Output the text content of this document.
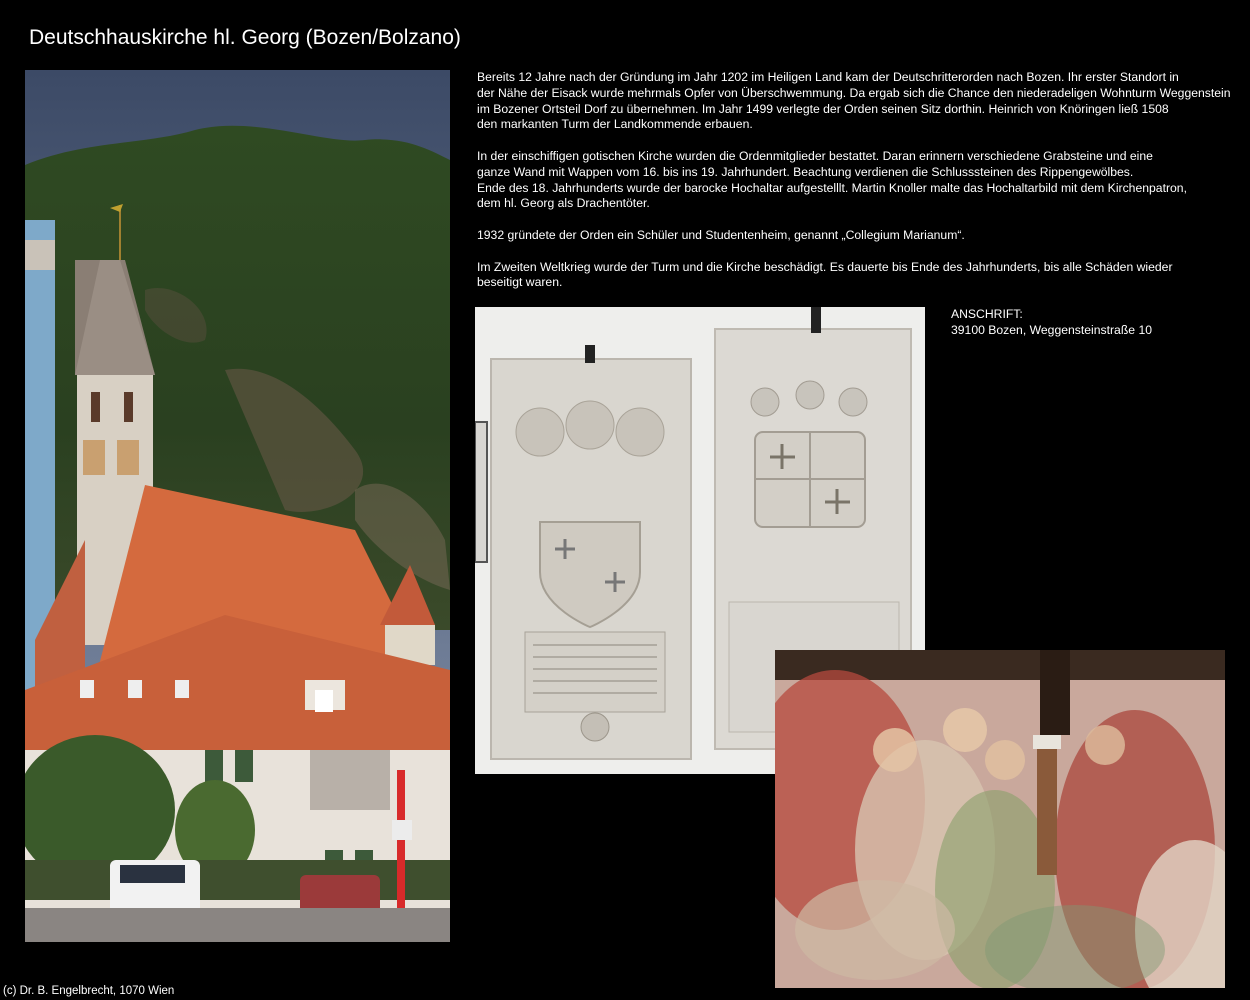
Deutschhauskirche hl. Georg (Bozen/Bolzano)

Bereits 12 Jahre nach der Gründung im Jahr 1202 im Heiligen Land kam der Deutschritterorden nach Bozen. Ihr erster Standort in
der Nähe der Eisack wurde mehrmals Opfer von Überschwemmung. Da ergab sich die Chance den niederadeligen Wohnturm Weggenstein
im Bozener Ortsteil Dorf zu übernehmen. Im Jahr 1499 verlegte der Orden seinen Sitz dorthin. Heinrich von Knöringen ließ 1508
den markanten Turm der Landkommende erbauen.

In der einschiffigen gotischen Kirche wurden die Ordenmitglieder bestattet. Daran erinnern verschiedene Grabsteine und eine
ganze Wand mit Wappen vom 16. bis ins 19. Jahrhundert. Beachtung verdienen die Schlusssteinen des Rippengewölbes.
Ende des 18. Jahrhunderts wurde der barocke Hochaltar aufgestelllt. Martin Knoller malte das Hochaltarbild mit dem Kirchenpatron,
dem hl. Georg als Drachentöter.

1932 gründete der Orden ein Schüler und Studentenheim, genannt „Collegium Marianum“.

Im Zweiten Weltkrieg wurde der Turm und die Kirche beschädigt. Es dauerte bis Ende des Jahrhunderts, bis alle Schäden wieder
beseitigt waren.

ANSCHRIFT:
39100 Bozen, Weggensteinstraße 10
(c) Dr. B. Engelbrecht, 1070 Wien
